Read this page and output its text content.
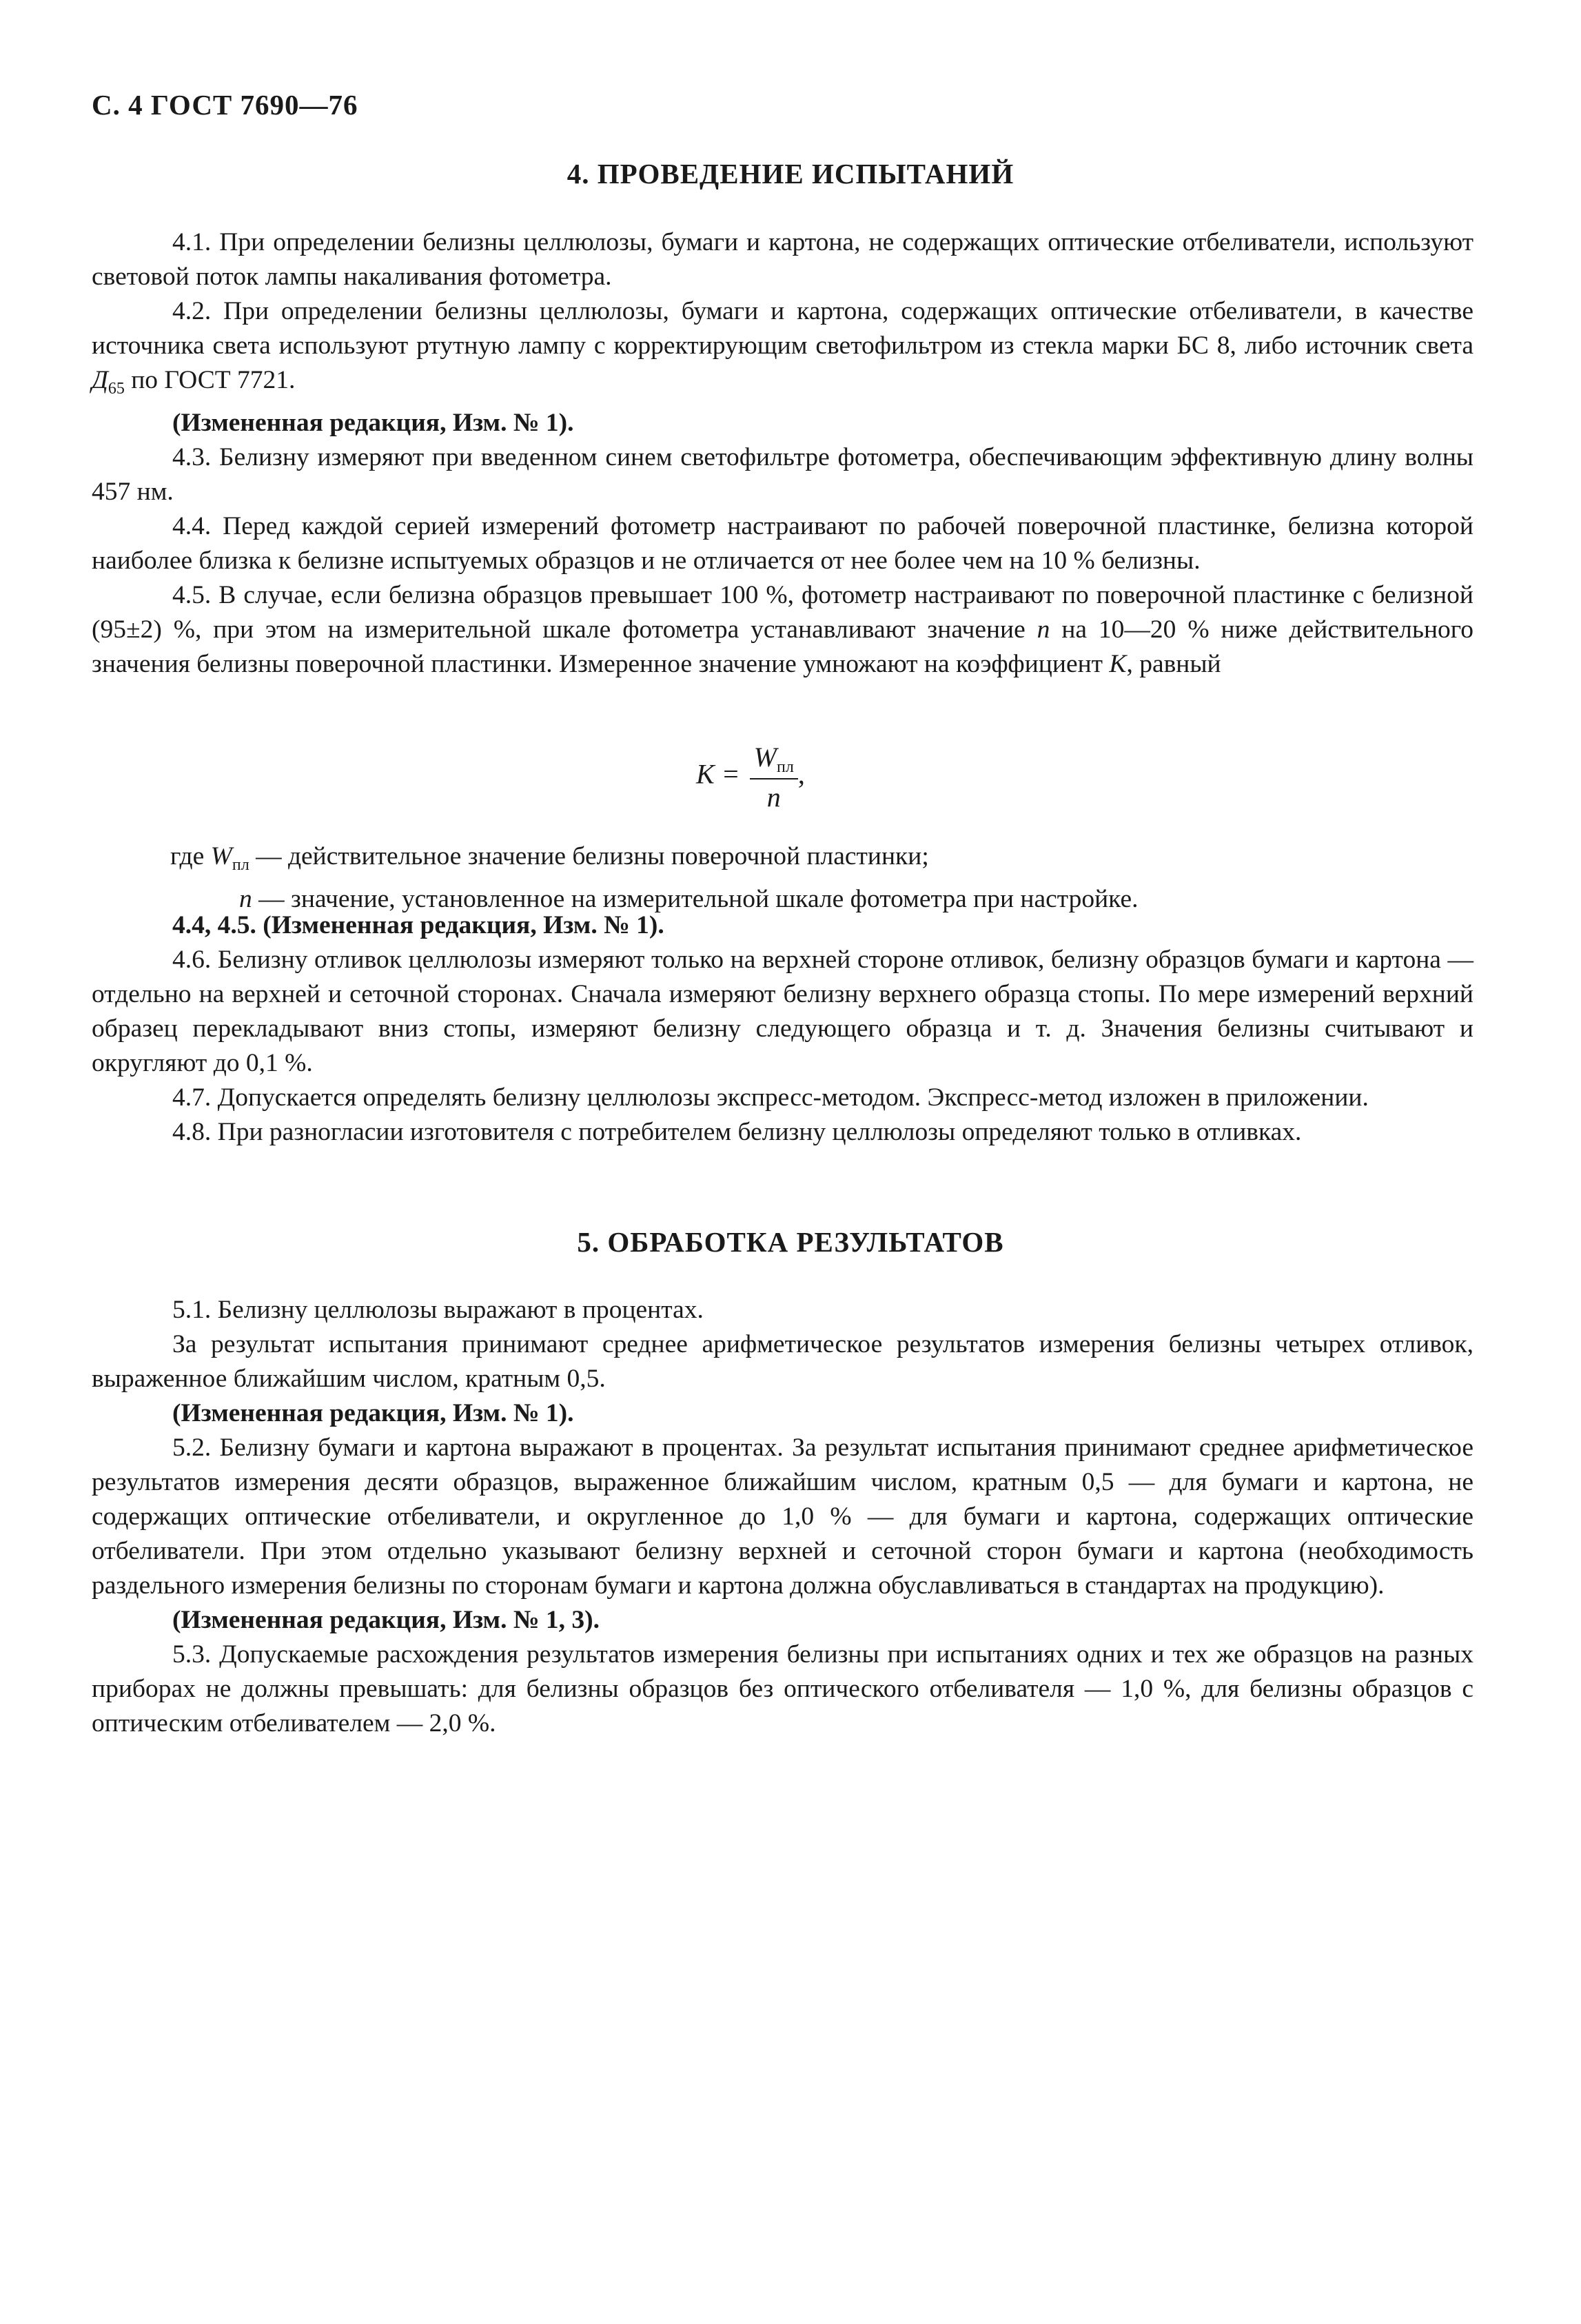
С. 4 ГОСТ 7690—76
4. ПРОВЕДЕНИЕ ИСПЫТАНИЙ

4.1. При определении белизны целлюлозы, бумаги и картона, не содержащих оптические отбеливатели, используют световой поток лампы накаливания фотометра.

4.2. При определении белизны целлюлозы, бумаги и картона, содержащих оптические отбеливатели, в качестве источника света используют ртутную лампу с корректирующим светофильтром из стекла марки БС 8, либо источник света $Д_{65}$ по ГОСТ 7721.

(Измененная редакция, Изм. № 1).

4.3. Белизну измеряют при введенном синем светофильтре фотометра, обеспечивающим эффективную длину волны 457 нм.

4.4. Перед каждой серией измерений фотометр настраивают по рабочей поверочной пластинке, белизна которой наиболее близка к белизне испытуемых образцов и не отличается от нее более чем на 10 % белизны.

4.5. В случае, если белизна образцов превышает 100 %, фотометр настраивают по поверочной пластинке с белизной (95±2) %, при этом на измерительной шкале фотометра устанавливают значение n на 10—20 % ниже действительного значения белизны поверочной пластинки. Измеренное значение умножают на коэффициент K, равный

$K = \frac{W_{пл}}{n}$ ,

где $W_{пл}$ — действительное значение белизны поверочной пластинки;

n — значение, установленное на измерительной шкале фотометра при настройке.

4.4, 4.5. (Измененная редакция, Изм. № 1).

4.6. Белизну отливок целлюлозы измеряют только на верхней стороне отливок, белизну образцов бумаги и картона — отдельно на верхней и сеточной сторонах. Сначала измеряют белизну верхнего образца стопы. По мере измерений верхний образец перекладывают вниз стопы, измеряют белизну следующего образца и т. д. Значения белизны считывают и округляют до 0,1 %.

4.7. Допускается определять белизну целлюлозы экспресс-методом. Экспресс-метод изложен в приложении.

4.8. При разногласии изготовителя с потребителем белизну целлюлозы определяют только в отливках.

5. ОБРАБОТКА РЕЗУЛЬТАТОВ

5.1. Белизну целлюлозы выражают в процентах.

За результат испытания принимают среднее арифметическое результатов измерения белизны четырех отливок, выраженное ближайшим числом, кратным 0,5.

(Измененная редакция, Изм. № 1).

5.2. Белизну бумаги и картона выражают в процентах. За результат испытания принимают среднее арифметическое результатов измерения десяти образцов, выраженное ближайшим числом, кратным 0,5 — для бумаги и картона, не содержащих оптические отбеливатели, и округленное до 1,0 % — для бумаги и картона, содержащих оптические отбеливатели. При этом отдельно указывают белизну верхней и сеточной сторон бумаги и картона (необходимость раздельного измерения белизны по сторонам бумаги и картона должна обуславливаться в стандартах на продукцию).

(Измененная редакция, Изм. № 1, 3).

5.3. Допускаемые расхождения результатов измерения белизны при испытаниях одних и тех же образцов на разных приборах не должны превышать: для белизны образцов без оптического отбеливателя — 1,0 %, для белизны образцов с оптическим отбеливателем — 2,0 %.
